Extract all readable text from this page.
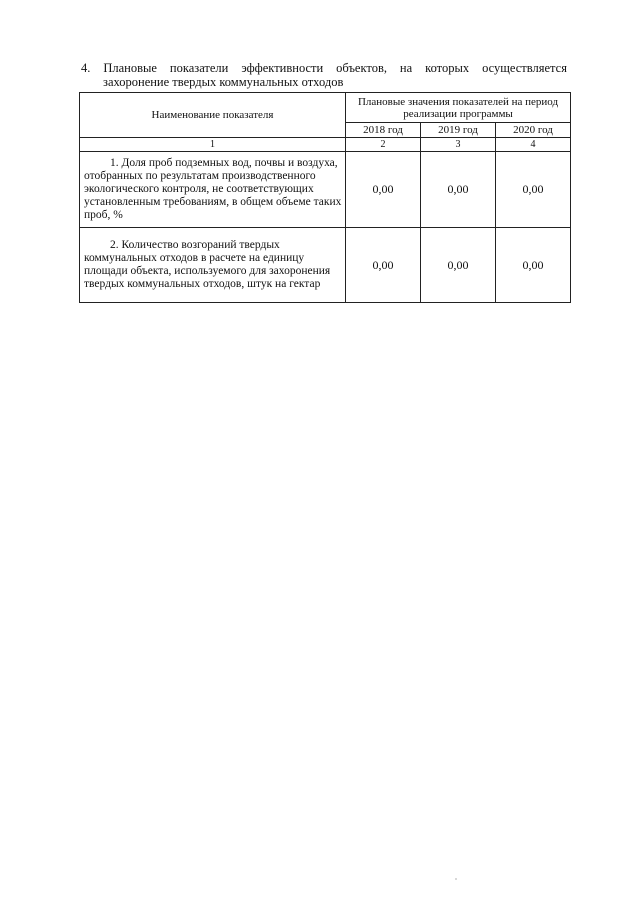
4. Плановые показатели эффективности объектов, на которых осуществляется
захоронение твердых коммунальных отходов
Наименование показателя	Плановые значения показателей на период реализации программы		
	2018 год	2019 год	2020 год
1	2	3	4
1. Доля проб подземных вод, почвы и воздуха, отобранных по результатам производственного экологического контроля, не соответствующих установленным требованиям, в общем объеме таких проб, %	0,00	0,00	0,00
2. Количество возгораний твердых коммунальных отходов в расчете на единицу площади объекта, используемого для захоронения твердых коммунальных отходов, штук на гектар	0,00	0,00	0,00
